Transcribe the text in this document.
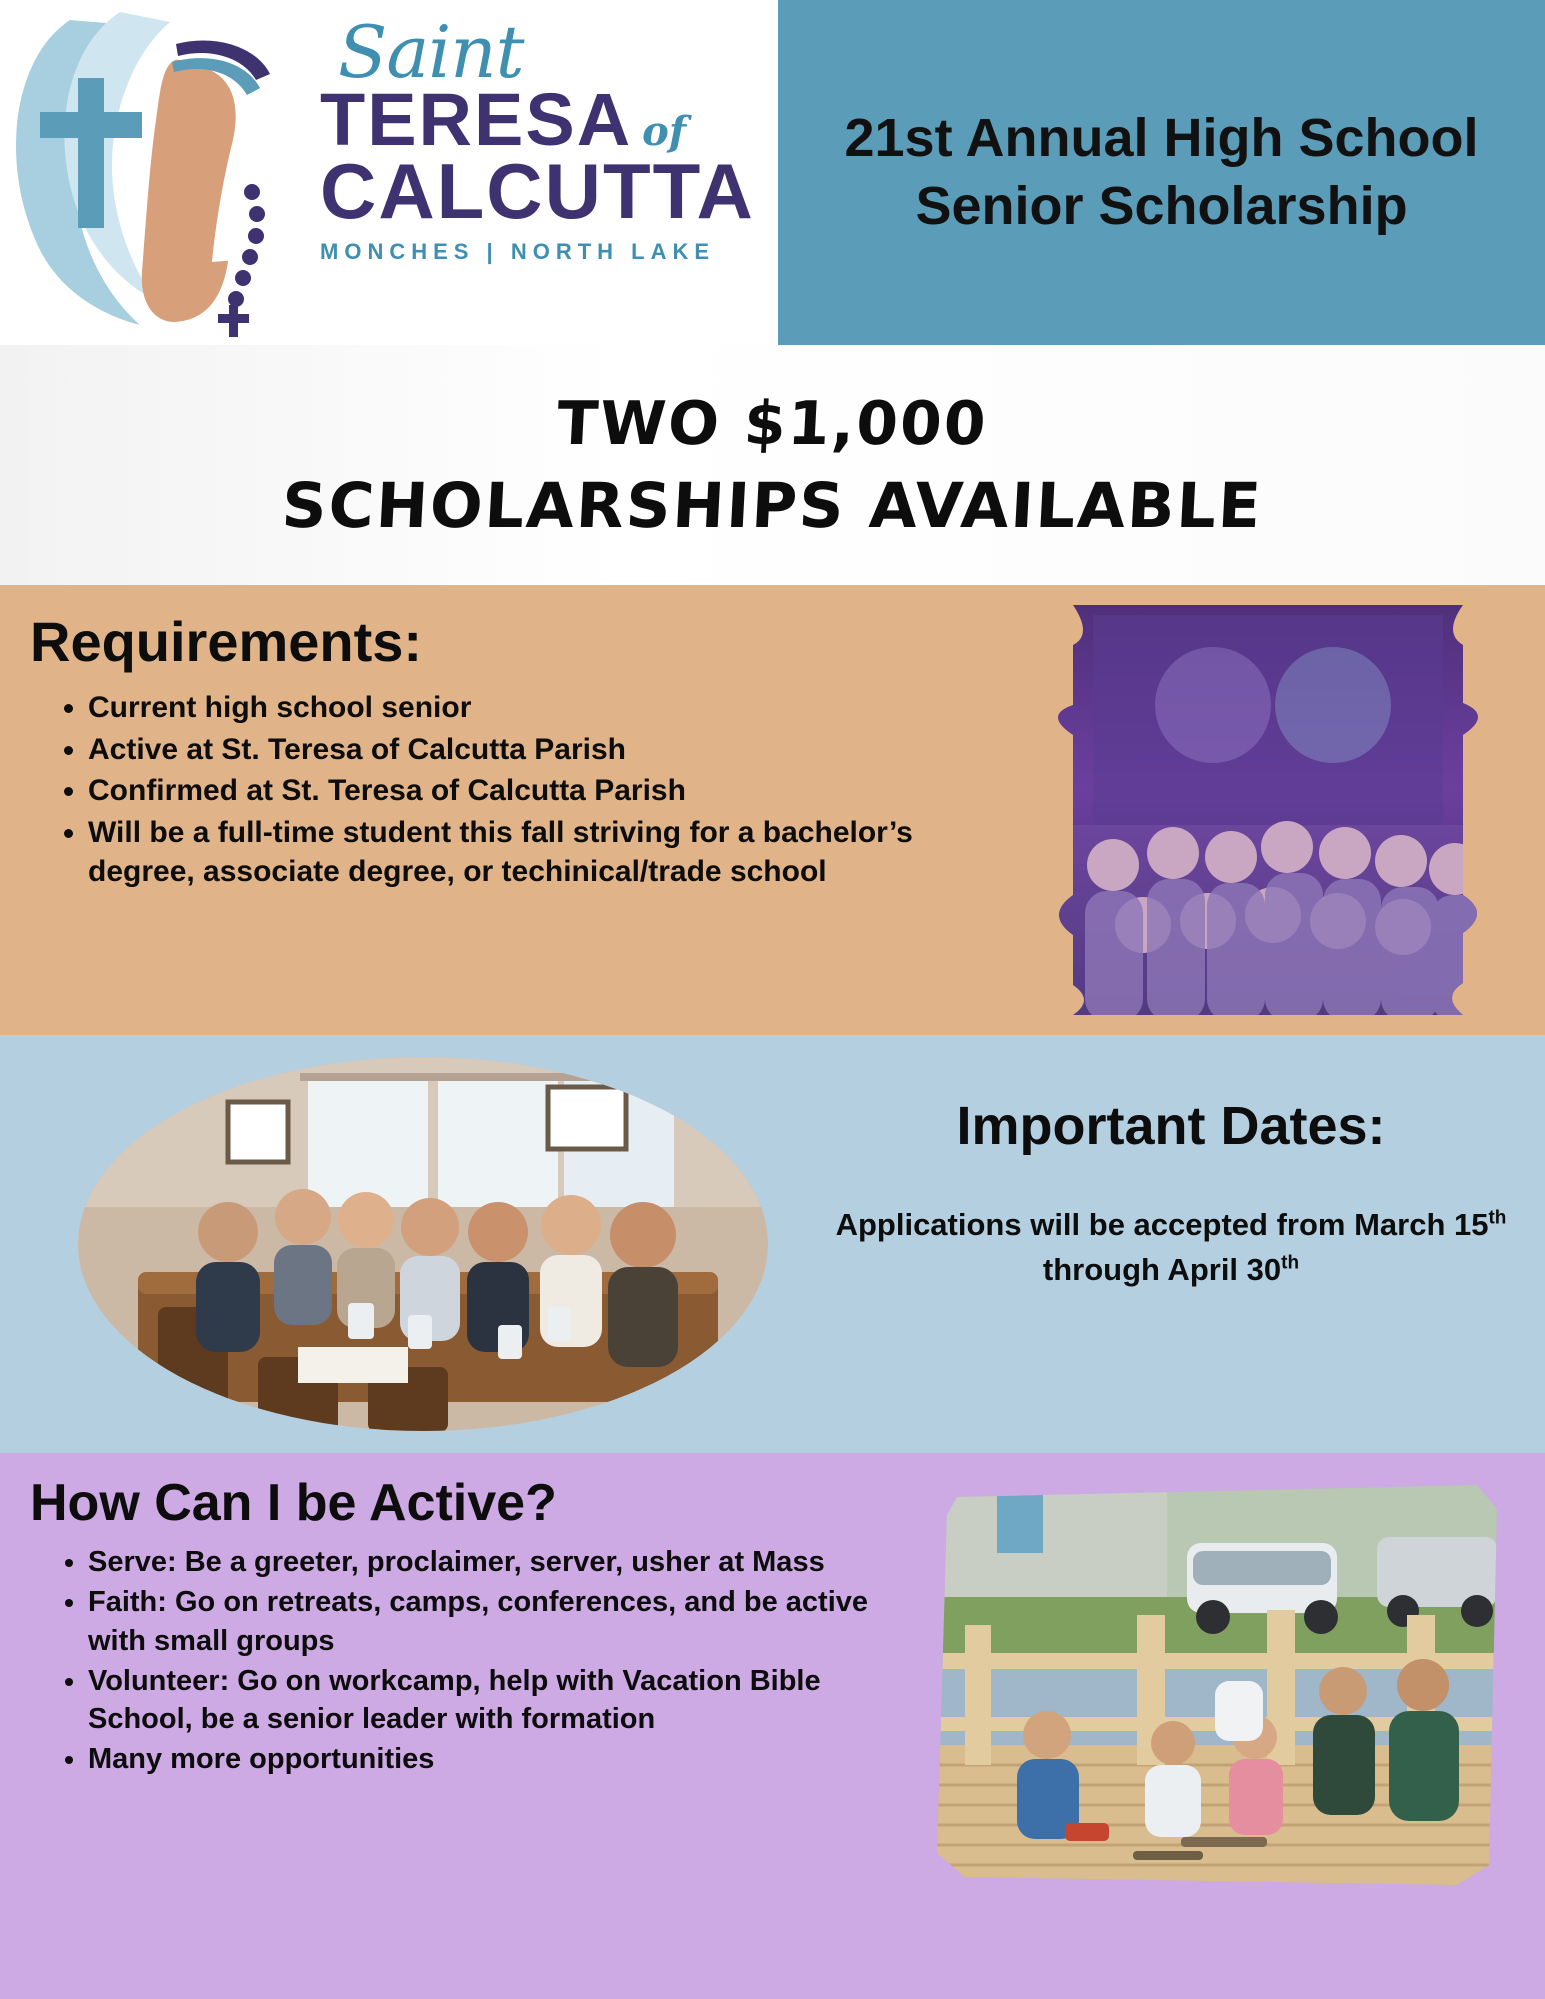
Saint
TERESA of
CALCUTTA
MONCHES | NORTH LAKE
21st Annual High School Senior Scholarship
TWO $1,000
SCHOLARSHIPS AVAILABLE
Requirements:
• Current high school senior
• Active at St. Teresa of Calcutta Parish
• Confirmed at St. Teresa of Calcutta Parish
• Will be a full-time student this fall striving for a bachelor’s degree, associate degree, or techinical/trade school
Important Dates:

Applications will be accepted from March 15th through April 30th

How Can I be Active?
• Serve: Be a greeter, proclaimer, server, usher at Mass
• Faith: Go on retreats, camps, conferences, and be active with small groups
• Volunteer: Go on workcamp, help with Vacation Bible School, be a senior leader with formation
• Many more opportunities
